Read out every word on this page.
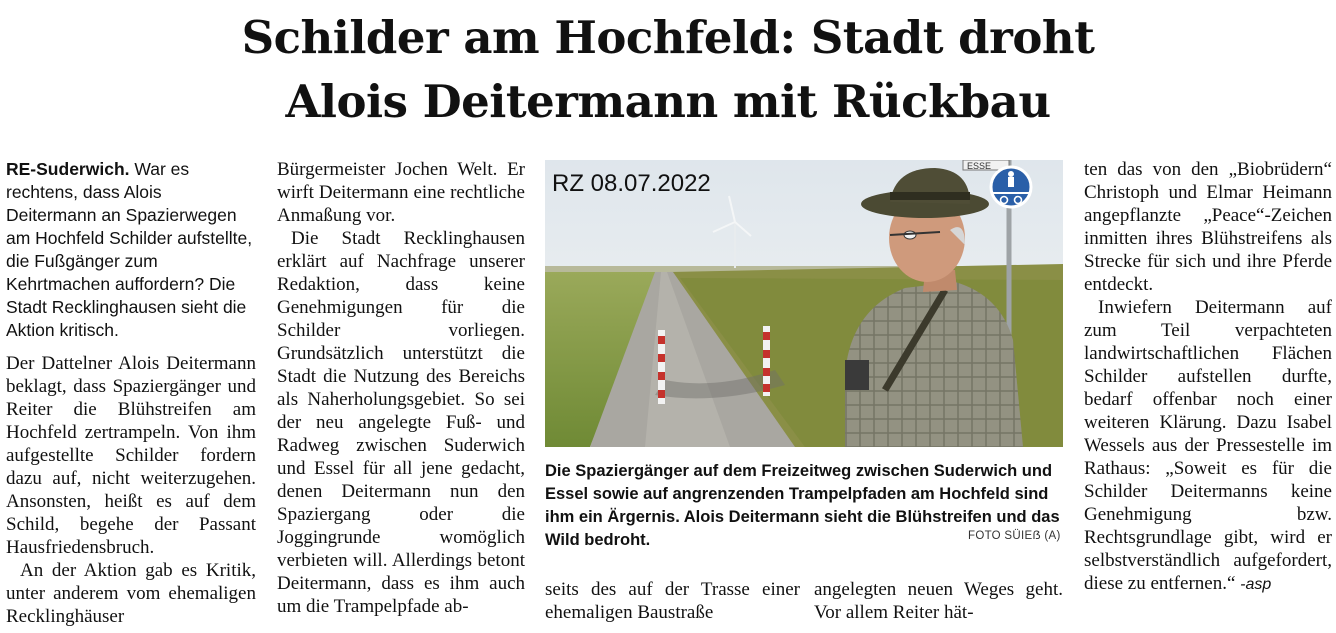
Schilder am Hochfeld: Stadt droht
Alois Deitermann mit Rückbau

RE-Suderwich. War es rechtens, dass Alois Deitermann an Spazierwegen am Hochfeld Schilder aufstellte, die Fußgänger zum Kehrtmachen auffordern? Die Stadt Recklinghausen sieht die Aktion kritisch.

Der Dattelner Alois Deitermann beklagt, dass Spaziergänger und Reiter die Blühstreifen am Hochfeld zertrampeln. Von ihm aufgestellte Schilder fordern dazu auf, nicht weiterzugehen. Ansonsten, heißt es auf dem Schild, begehe der Passant Hausfriedensbruch.

An der Aktion gab es Kritik, unter anderem vom ehemaligen Recklinghäuser

Bürgermeister Jochen Welt. Er wirft Deitermann eine rechtliche Anmaßung vor.

Die Stadt Recklinghausen erklärt auf Nachfrage unserer Redaktion, dass keine Genehmigungen für die Schilder vorliegen. Grundsätzlich unterstützt die Stadt die Nutzung des Bereichs als Naherholungsgebiet. So sei der neu angelegte Fuß- und Radweg zwischen Suderwich und Essel für all jene gedacht, denen Deitermann nun den Spaziergang oder die Joggingrunde womöglich verbieten will. Allerdings betont Deitermann, dass es ihm auch um die Trampelpfade ab-

ESSE
RZ 08.07.2022
Die Spaziergänger auf dem Freizeitweg zwischen Suderwich und Essel sowie auf angrenzenden Trampelpfaden am Hochfeld sind ihm ein Ärgernis. Alois Deitermann sieht die Blühstreifen und das Wild bedroht.	FOTO SÜIEẞ (A)
seits des auf der Trasse einer ehemaligen Baustraße
angelegten neuen Weges geht. Vor allem Reiter hät-

ten das von den „Biobrüdern“ Christoph und Elmar Heimann angepflanzte „Peace“-Zeichen inmitten ihres Blühstreifens als Strecke für sich und ihre Pferde entdeckt.

Inwiefern Deitermann auf zum Teil verpachteten landwirtschaftlichen Flächen Schilder aufstellen durfte, bedarf offenbar noch einer weiteren Klärung. Dazu Isabel Wessels aus der Pressestelle im Rathaus: „Soweit es für die Schilder Deitermanns keine Genehmigung bzw. Rechtsgrundlage gibt, wird er selbstverständlich aufgefordert, diese zu entfernen.“ -asp
